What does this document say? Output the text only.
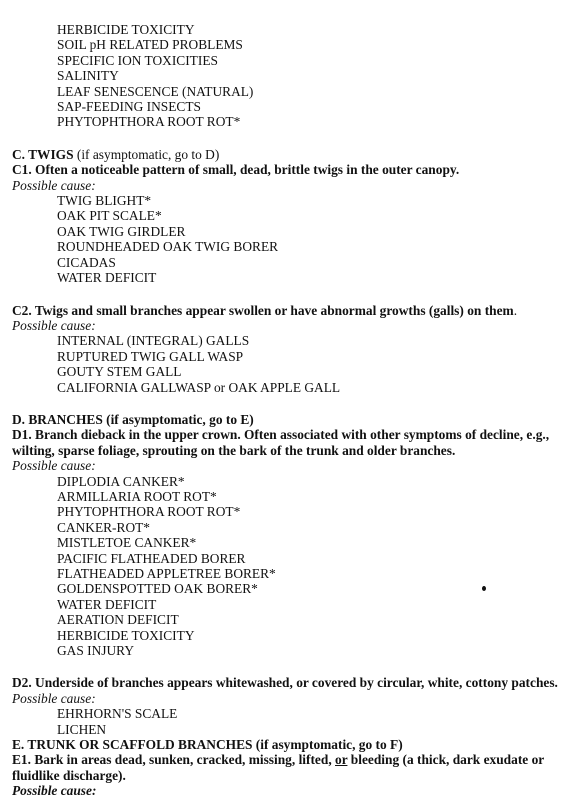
HERBICIDE TOXICITY
SOIL pH RELATED PROBLEMS
SPECIFIC ION TOXICITIES
SALINITY
LEAF SENESCENCE (NATURAL)
SAP-FEEDING INSECTS
PHYTOPHTHORA ROOT ROT*
C. TWIGS (if asymptomatic, go to D)
C1. Often a noticeable pattern of small, dead, brittle twigs in the outer canopy.
Possible cause:
TWIG BLIGHT*
OAK PIT SCALE*
OAK TWIG GIRDLER
ROUNDHEADED OAK TWIG BORER
CICADAS
WATER DEFICIT
C2. Twigs and small branches appear swollen or have abnormal growths (galls) on them.
Possible cause:
INTERNAL (INTEGRAL) GALLS
RUPTURED TWIG GALL WASP
GOUTY STEM GALL
CALIFORNIA GALLWASP or OAK APPLE GALL
D. BRANCHES (if asymptomatic, go to E)
D1. Branch dieback in the upper crown. Often associated with other symptoms of decline, e.g., wilting, sparse foliage, sprouting on the bark of the trunk and older branches.
Possible cause:
DIPLODIA CANKER*
ARMILLARIA ROOT ROT*
PHYTOPHTHORA ROOT ROT*
CANKER-ROT*
MISTLETOE CANKER*
PACIFIC FLATHEADED BORER
FLATHEADED APPLETREE BORER*
GOLDENSPOTTED OAK BORER*
WATER DEFICIT
AERATION DEFICIT
HERBICIDE TOXICITY
GAS INJURY
D2. Underside of branches appears whitewashed, or covered by circular, white, cottony patches.
Possible cause:
EHRHORN'S SCALE
LICHEN
E. TRUNK OR SCAFFOLD BRANCHES (if asymptomatic, go to F)
E1. Bark in areas dead, sunken, cracked, missing, lifted, or bleeding (a thick, dark exudate or fluidlike discharge).
Possible cause:
